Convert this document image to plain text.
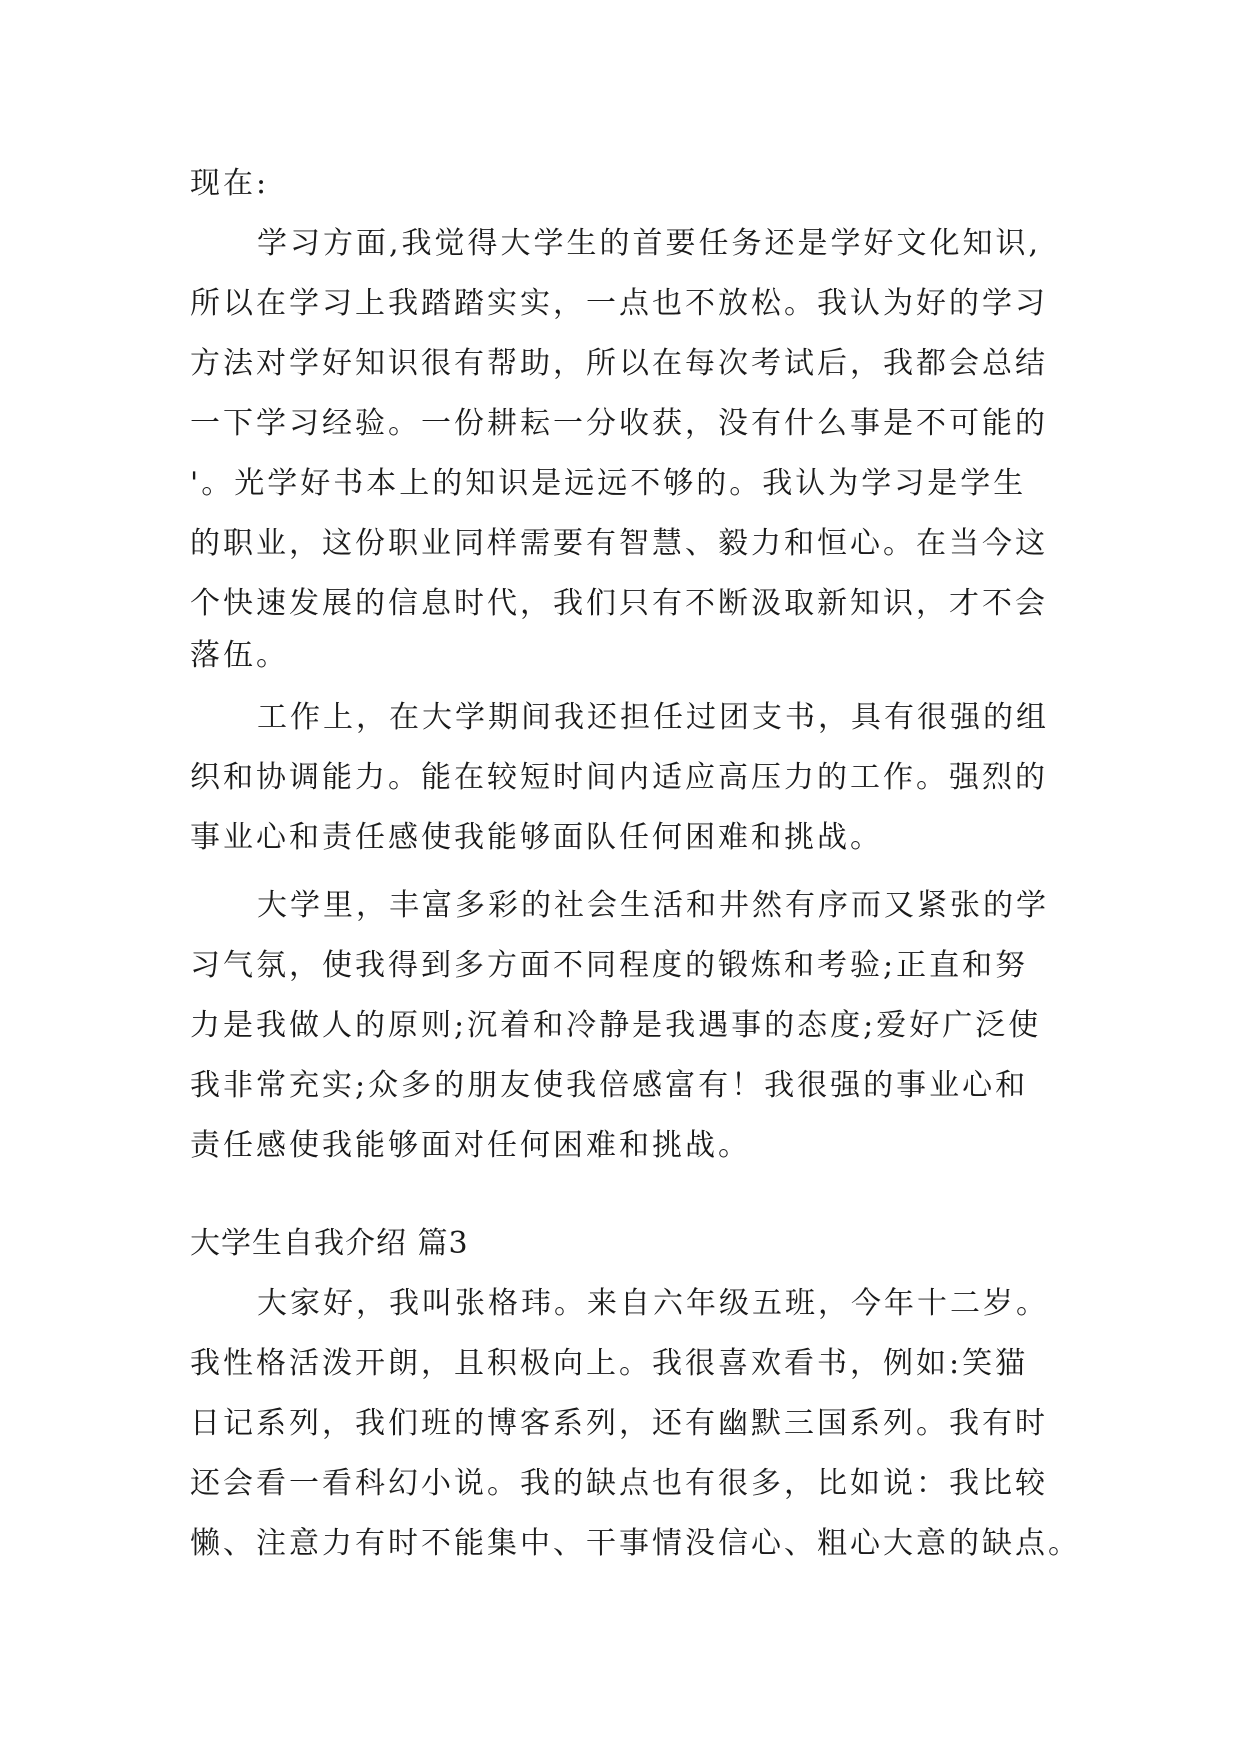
现在:
学习方面,我觉得大学生的首要任务还是学好文化知识,
所以在学习上我踏踏实实，一点也不放松。我认为好的学习
方法对学好知识很有帮助，所以在每次考试后，我都会总结
一下学习经验。一份耕耘一分收获，没有什么事是不可能的
'。光学好书本上的知识是远远不够的。我认为学习是学生
的职业，这份职业同样需要有智慧、毅力和恒心。在当今这
个快速发展的信息时代，我们只有不断汲取新知识，才不会
落伍。
工作上，在大学期间我还担任过团支书，具有很强的组
织和协调能力。能在较短时间内适应高压力的工作。强烈的
事业心和责任感使我能够面队任何困难和挑战。
大学里，丰富多彩的社会生活和井然有序而又紧张的学
习气氛，使我得到多方面不同程度的锻炼和考验;正直和努
力是我做人的原则;沉着和冷静是我遇事的态度;爱好广泛使
我非常充实;众多的朋友使我倍感富有！我很强的事业心和
责任感使我能够面对任何困难和挑战。
大学生自我介绍 篇3
大家好，我叫张格玮。来自六年级五班，今年十二岁。
我性格活泼开朗，且积极向上。我很喜欢看书，例如:笑猫
日记系列，我们班的博客系列，还有幽默三国系列。我有时
还会看一看科幻小说。我的缺点也有很多，比如说：我比较
懒、注意力有时不能集中、干事情没信心、粗心大意的缺点。
